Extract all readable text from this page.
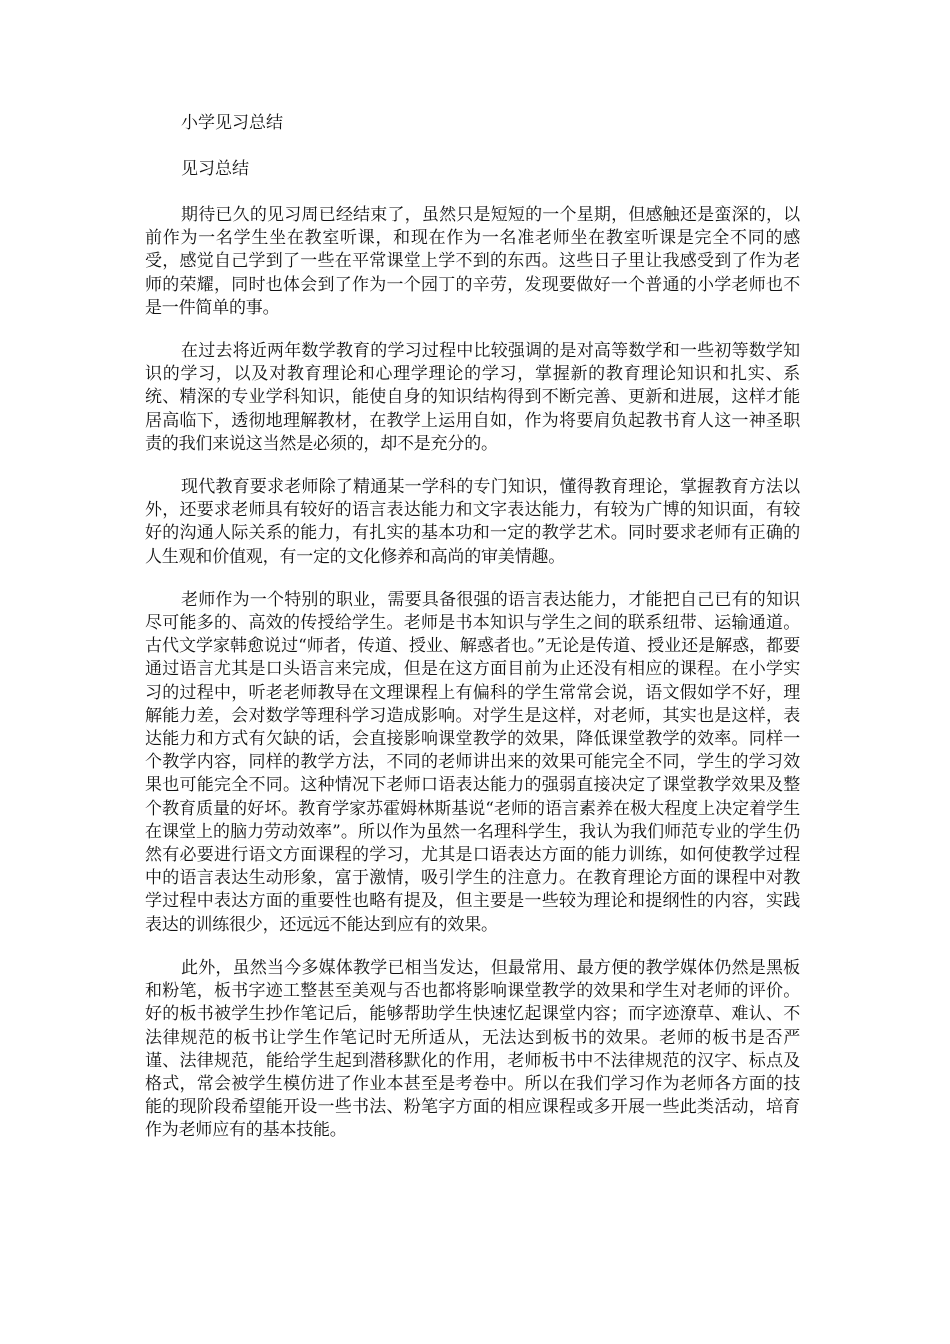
小学见习总结

见习总结

期待已久的见习周已经结束了，虽然只是短短的一个星期，但感触还是蛮深的，以前作为一名学生坐在教室听课，和现在作为一名准老师坐在教室听课是完全不同的感受，感觉自己学到了一些在平常课堂上学不到的东西。这些日子里让我感受到了作为老师的荣耀，同时也体会到了作为一个园丁的辛劳，发现要做好一个普通的小学老师也不是一件简单的事。

在过去将近两年数学教育的学习过程中比较强调的是对高等数学和一些初等数学知识的学习，以及对教育理论和心理学理论的学习，掌握新的教育理论知识和扎实、系统、精深的专业学科知识，能使自身的知识结构得到不断完善、更新和进展，这样才能居高临下，透彻地理解教材，在教学上运用自如，作为将要肩负起教书育人这一神圣职责的我们来说这当然是必须的，却不是充分的。

现代教育要求老师除了精通某一学科的专门知识，懂得教育理论，掌握教育方法以外，还要求老师具有较好的语言表达能力和文字表达能力，有较为广博的知识面，有较好的沟通人际关系的能力，有扎实的基本功和一定的教学艺术。同时要求老师有正确的人生观和价值观，有一定的文化修养和高尚的审美情趣。

老师作为一个特别的职业，需要具备很强的语言表达能力，才能把自己已有的知识尽可能多的、高效的传授给学生。老师是书本知识与学生之间的联系纽带、运输通道。古代文学家韩愈说过“师者，传道、授业、解惑者也。”无论是传道、授业还是解惑，都要通过语言尤其是口头语言来完成，但是在这方面目前为止还没有相应的课程。在小学实习的过程中，听老老师教导在文理课程上有偏科的学生常常会说，语文假如学不好，理解能力差，会对数学等理科学习造成影响。对学生是这样，对老师，其实也是这样，表达能力和方式有欠缺的话，会直接影响课堂教学的效果，降低课堂教学的效率。同样一个教学内容，同样的教学方法，不同的老师讲出来的效果可能完全不同，学生的学习效果也可能完全不同。这种情况下老师口语表达能力的强弱直接决定了课堂教学效果及整个教育质量的好坏。教育学家苏霍姆林斯基说“老师的语言素养在极大程度上决定着学生在课堂上的脑力劳动效率”。所以作为虽然一名理科学生，我认为我们师范专业的学生仍然有必要进行语文方面课程的学习，尤其是口语表达方面的能力训练，如何使教学过程中的语言表达生动形象，富于激情，吸引学生的注意力。在教育理论方面的课程中对教学过程中表达方面的重要性也略有提及，但主要是一些较为理论和提纲性的内容，实践表达的训练很少，还远远不能达到应有的效果。

此外，虽然当今多媒体教学已相当发达，但最常用、最方便的教学媒体仍然是黑板和粉笔，板书字迹工整甚至美观与否也都将影响课堂教学的效果和学生对老师的评价。好的板书被学生抄作笔记后，能够帮助学生快速忆起课堂内容；而字迹潦草、难认、不法律规范的板书让学生作笔记时无所适从，无法达到板书的效果。老师的板书是否严谨、法律规范，能给学生起到潜移默化的作用，老师板书中不法律规范的汉字、标点及格式，常会被学生模仿进了作业本甚至是考卷中。所以在我们学习作为老师各方面的技能的现阶段希望能开设一些书法、粉笔字方面的相应课程或多开展一些此类活动，培育作为老师应有的基本技能。
